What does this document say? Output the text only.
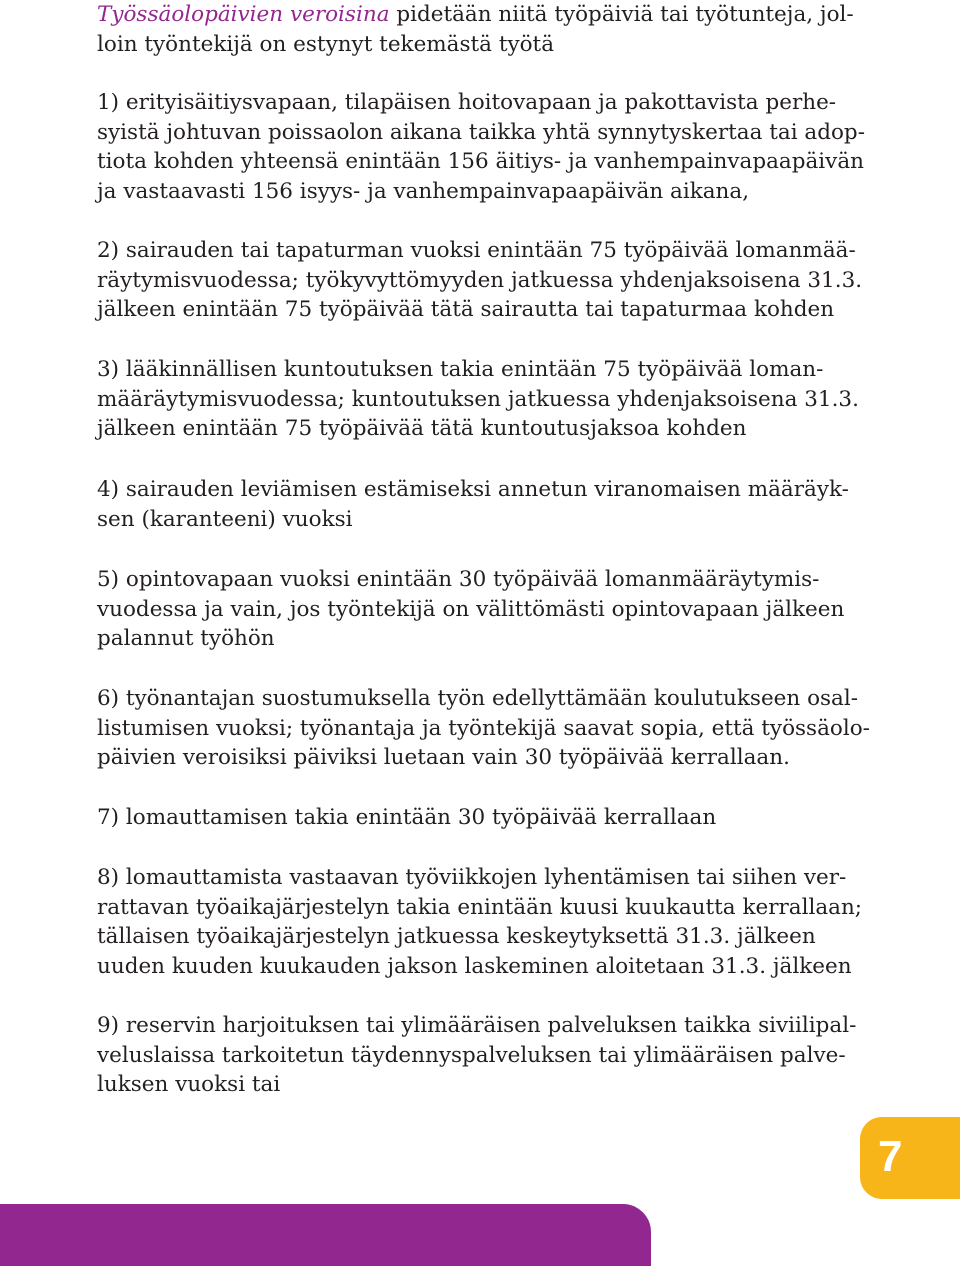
Työssäolopäivien veroisina pidetään niitä työpäiviä tai työtunteja, jol-
loin työntekijä on estynyt tekemästä työtä

1) erityisäitiysvapaan, tilapäisen hoitovapaan ja pakottavista perhe-
syistä johtuvan poissaolon aikana taikka yhtä synnytyskertaa tai adop-
tiota kohden yhteensä enintään 156 äitiys- ja vanhempainvapaapäivän
ja vastaavasti 156 isyys- ja vanhempainvapaapäivän aikana,

2) sairauden tai tapaturman vuoksi enintään 75 työpäivää lomanmää-
räytymisvuodessa; työkyvyttömyyden jatkuessa yhdenjaksoisena 31.3.
jälkeen enintään 75 työpäivää tätä sairautta tai tapaturmaa kohden

3) lääkinnällisen kuntoutuksen takia enintään 75 työpäivää loman-
määräytymisvuodessa; kuntoutuksen jatkuessa yhdenjaksoisena 31.3.
jälkeen enintään 75 työpäivää tätä kuntoutusjaksoa kohden

4) sairauden leviämisen estämiseksi annetun viranomaisen määräyk-
sen (karanteeni) vuoksi

5) opintovapaan vuoksi enintään 30 työpäivää lomanmääräytymis-
vuodessa ja vain, jos työntekijä on välittömästi opintovapaan jälkeen
palannut työhön

6) työnantajan suostumuksella työn edellyttämään koulutukseen osal-
listumisen vuoksi; työnantaja ja työntekijä saavat sopia, että työssäolo-
päivien veroisiksi päiviksi luetaan vain 30 työpäivää kerrallaan.

7) lomauttamisen takia enintään 30 työpäivää kerrallaan

8) lomauttamista vastaavan työviikkojen lyhentämisen tai siihen ver-
rattavan työaikajärjestelyn takia enintään kuusi kuukautta kerrallaan;
tällaisen työaikajärjestelyn jatkuessa keskeytyksettä 31.3. jälkeen
uuden kuuden kuukauden jakson laskeminen aloitetaan 31.3. jälkeen

9) reservin harjoituksen tai ylimääräisen palveluksen taikka siviilipal-
veluslaissa tarkoitetun täydennyspalveluksen tai ylimääräisen palve-
luksen vuoksi tai

7
